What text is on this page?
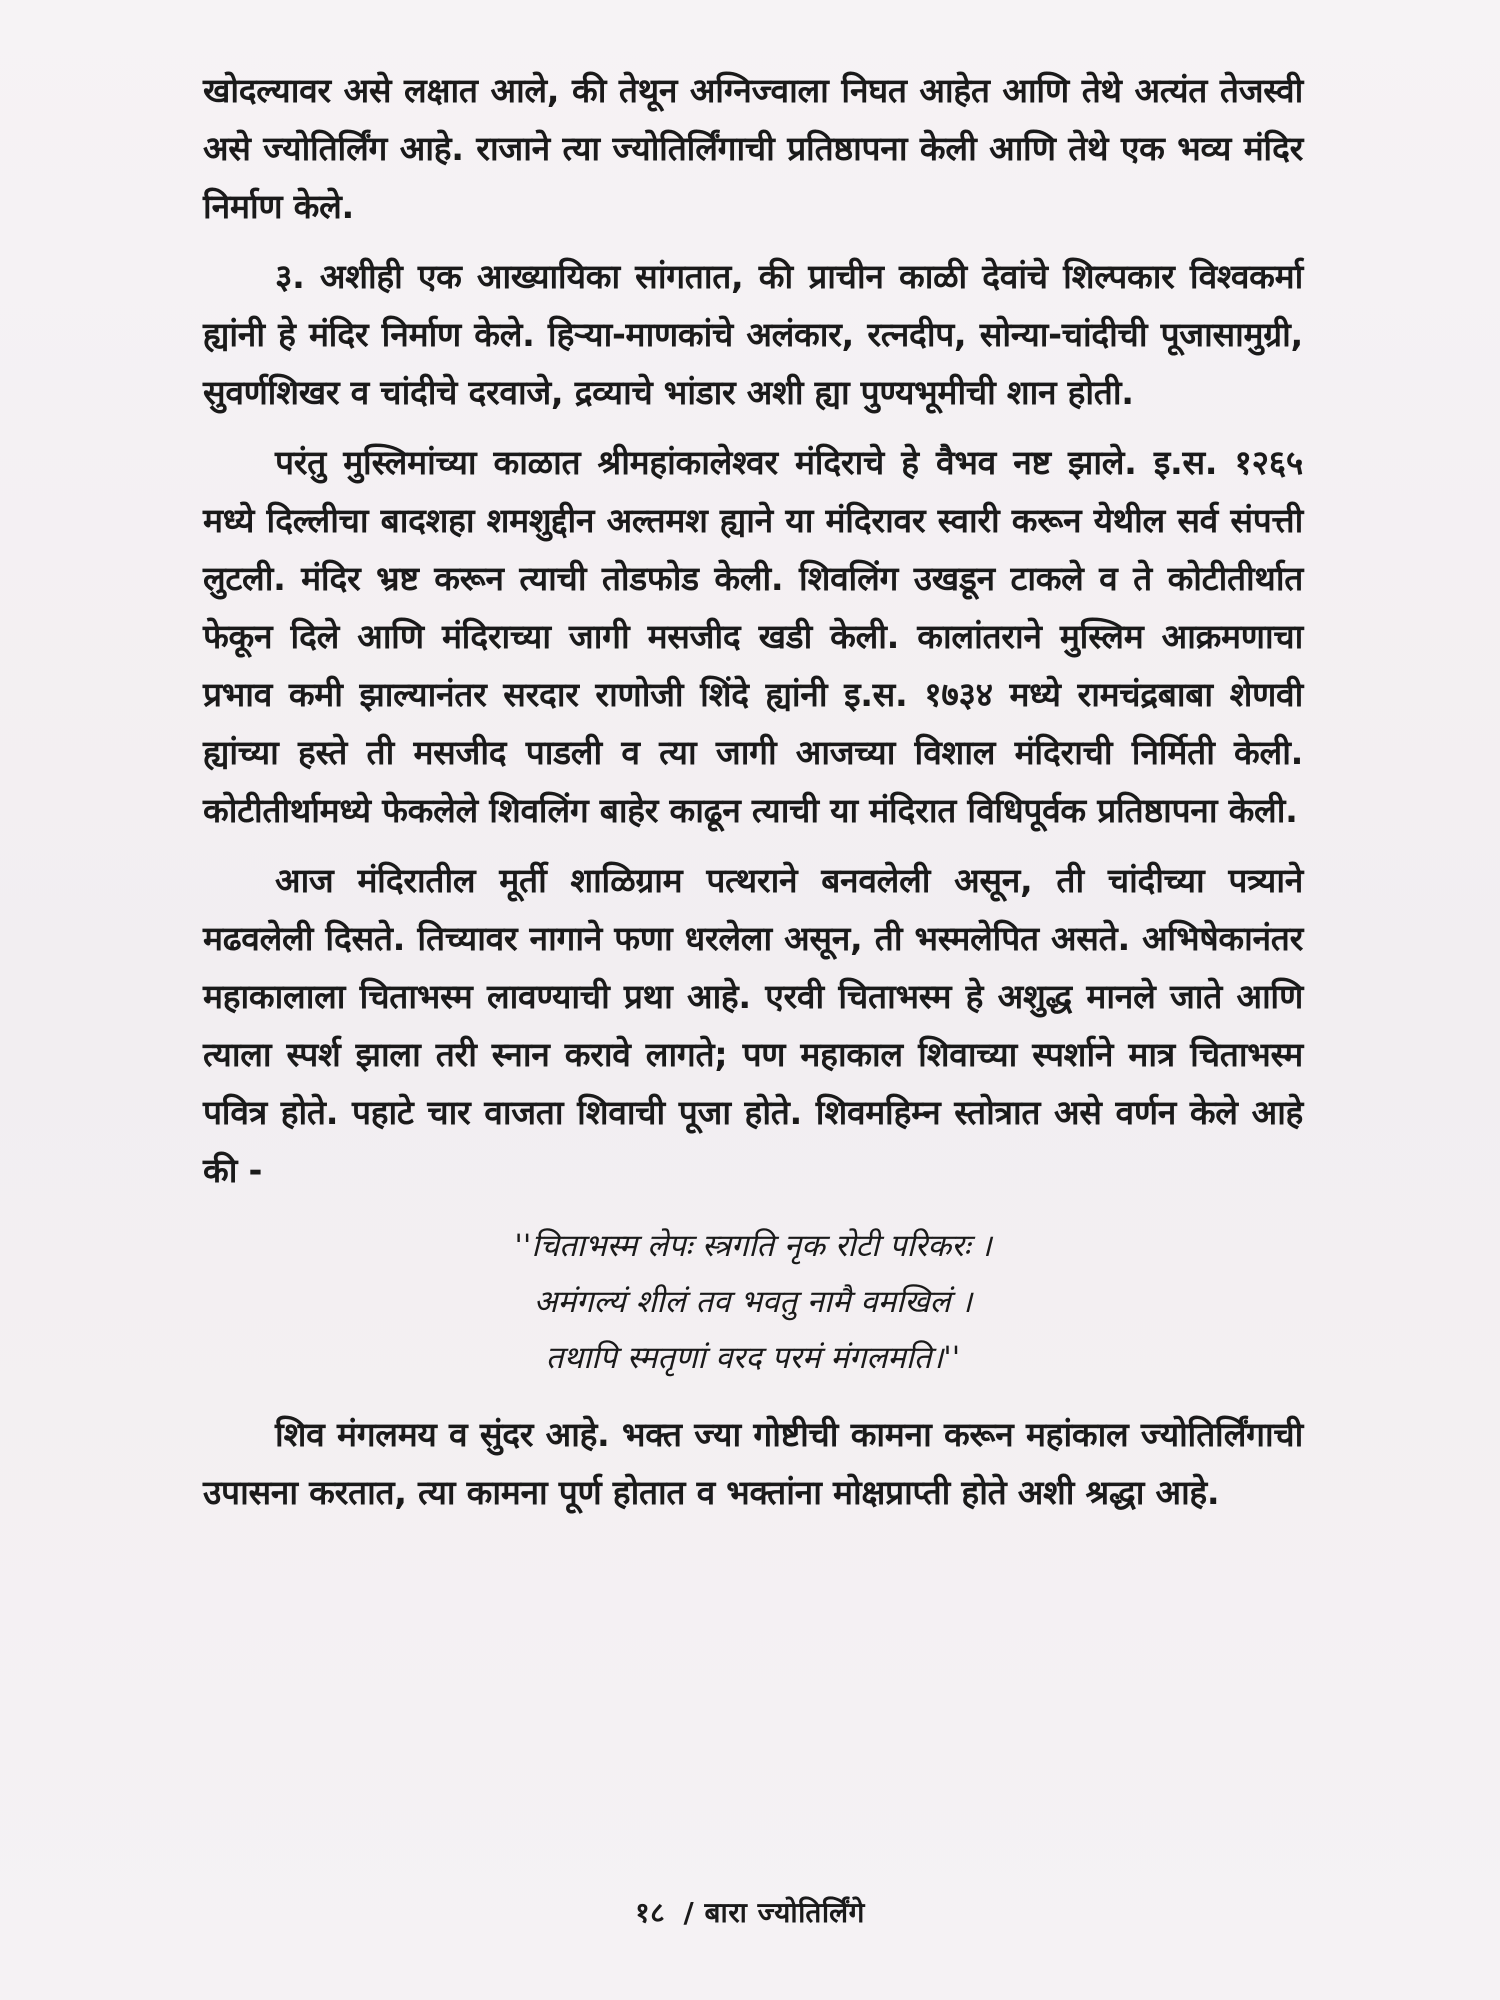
खोदल्यावर असे लक्षात आले, की तेथून अग्निज्वाला निघत आहेत आणि तेथे अत्यंत तेजस्वी असे ज्योतिर्लिंग आहे. राजाने त्या ज्योतिर्लिंगाची प्रतिष्ठापना केली आणि तेथे एक भव्य मंदिर निर्माण केले.

३. अशीही एक आख्यायिका सांगतात, की प्राचीन काळी देवांचे शिल्पकार विश्वकर्मा ह्यांनी हे मंदिर निर्माण केले. हिऱ्या-माणकांचे अलंकार, रत्नदीप, सोन्या-चांदीची पूजासामुग्री, सुवर्णशिखर व चांदीचे दरवाजे, द्रव्याचे भांडार अशी ह्या पुण्यभूमीची शान होती.

परंतु मुस्लिमांच्या काळात श्रीमहांकालेश्वर मंदिराचे हे वैभव नष्ट झाले. इ.स. १२६५ मध्ये दिल्लीचा बादशहा शमशुद्दीन अल्तमश ह्याने या मंदिरावर स्वारी करून येथील सर्व संपत्ती लुटली. मंदिर भ्रष्ट करून त्याची तोडफोड केली. शिवलिंग उखडून टाकले व ते कोटीतीर्थात फेकून दिले आणि मंदिराच्या जागी मसजीद खडी केली. कालांतराने मुस्लिम आक्रमणाचा प्रभाव कमी झाल्यानंतर सरदार राणोजी शिंदे ह्यांनी इ.स. १७३४ मध्ये रामचंद्रबाबा शेणवी ह्यांच्या हस्ते ती मसजीद पाडली व त्या जागी आजच्या विशाल मंदिराची निर्मिती केली. कोटीतीर्थामध्ये फेकलेले शिवलिंग बाहेर काढून त्याची या मंदिरात विधिपूर्वक प्रतिष्ठापना केली.

आज मंदिरातील मूर्ती शाळिग्राम पत्थराने बनवलेली असून, ती चांदीच्या पत्र्याने मढवलेली दिसते. तिच्यावर नागाने फणा धरलेला असून, ती भस्मलेपित असते. अभिषेकानंतर महाकालाला चिताभस्म लावण्याची प्रथा आहे. एरवी चिताभस्म हे अशुद्ध मानले जाते आणि त्याला स्पर्श झाला तरी स्नान करावे लागते; पण महाकाल शिवाच्या स्पर्शाने मात्र चिताभस्म पवित्र होते. पहाटे चार वाजता शिवाची पूजा होते. शिवमहिम्न स्तोत्रात असे वर्णन केले आहे की -

''चिताभस्म लेपः स्त्रगति नृक रोटी परिकरः ।
अमंगल्यं शीलं तव भवतु नामै वमखिलं ।
तथापि स्मतृणां वरद परमं मंगलमति।''

शिव मंगलमय व सुंदर आहे. भक्त ज्या गोष्टीची कामना करून महांकाल ज्योतिर्लिंगाची उपासना करतात, त्या कामना पूर्ण होतात व भक्तांना मोक्षप्राप्ती होते अशी श्रद्धा आहे.

१८ / बारा ज्योतिर्लिंगे
